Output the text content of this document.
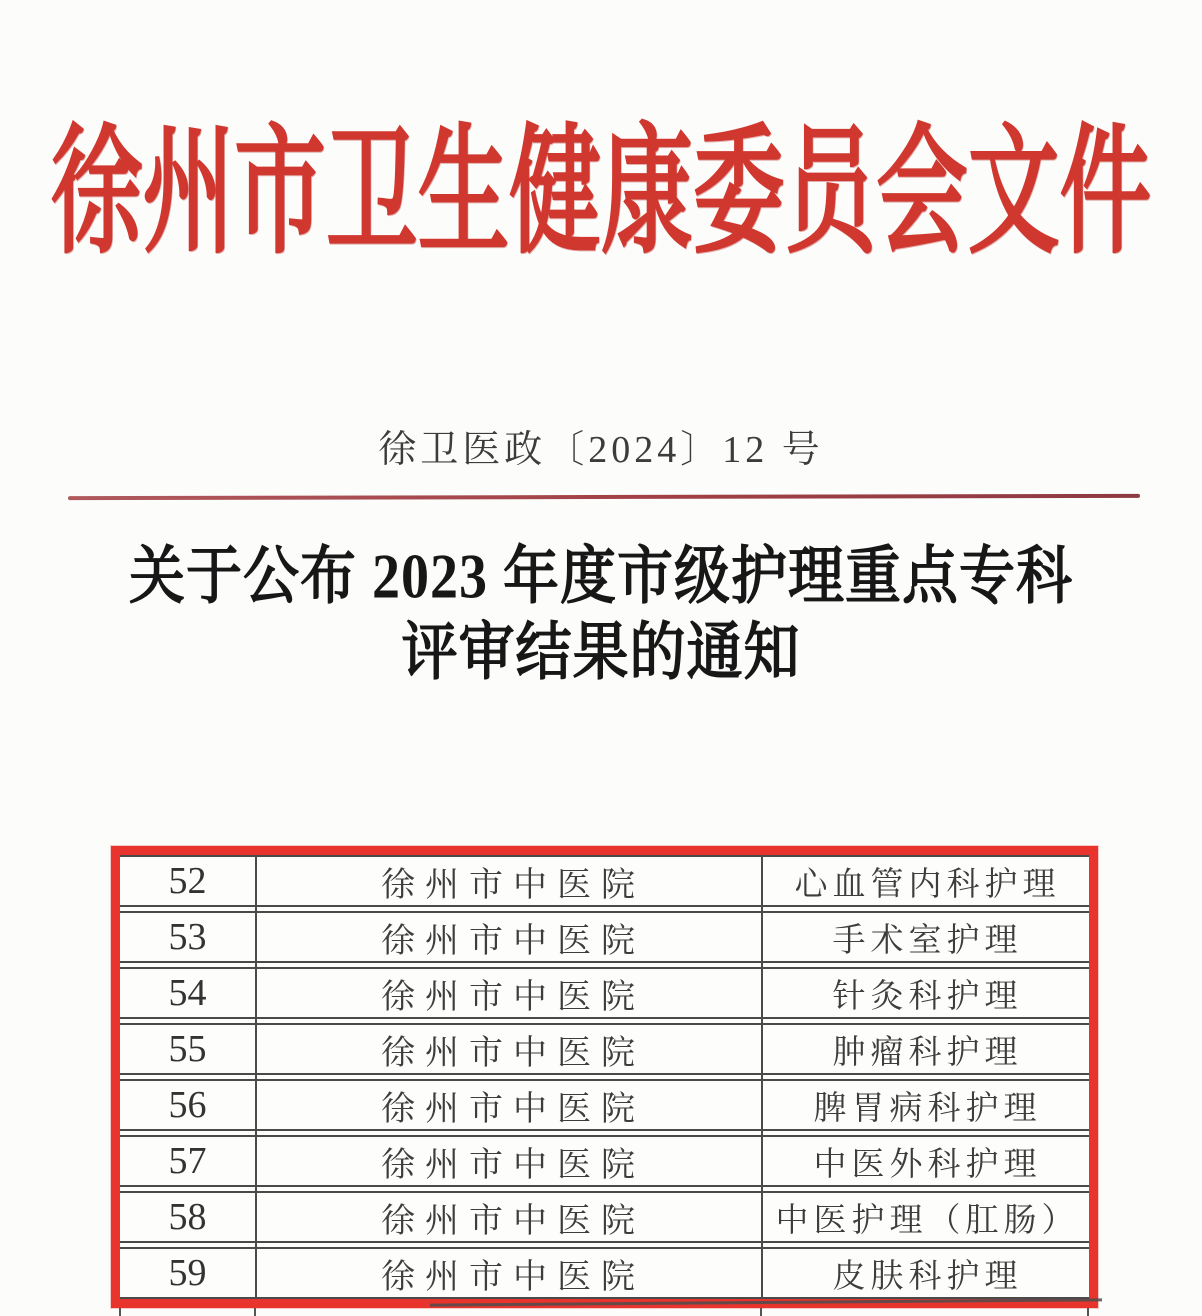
徐州市卫生健康委员会文件
徐卫医政〔2024〕12 号
关于公布 2023 年度市级护理重点专科
评审结果的通知
52	徐州市中医院	心血管内科护理
53	徐州市中医院	手术室护理
54	徐州市中医院	针灸科护理
55	徐州市中医院	肿瘤科护理
56	徐州市中医院	脾胃病科护理
57	徐州市中医院	中医外科护理
58	徐州市中医院	中医护理（肛肠）
59	徐州市中医院	皮肤科护理
